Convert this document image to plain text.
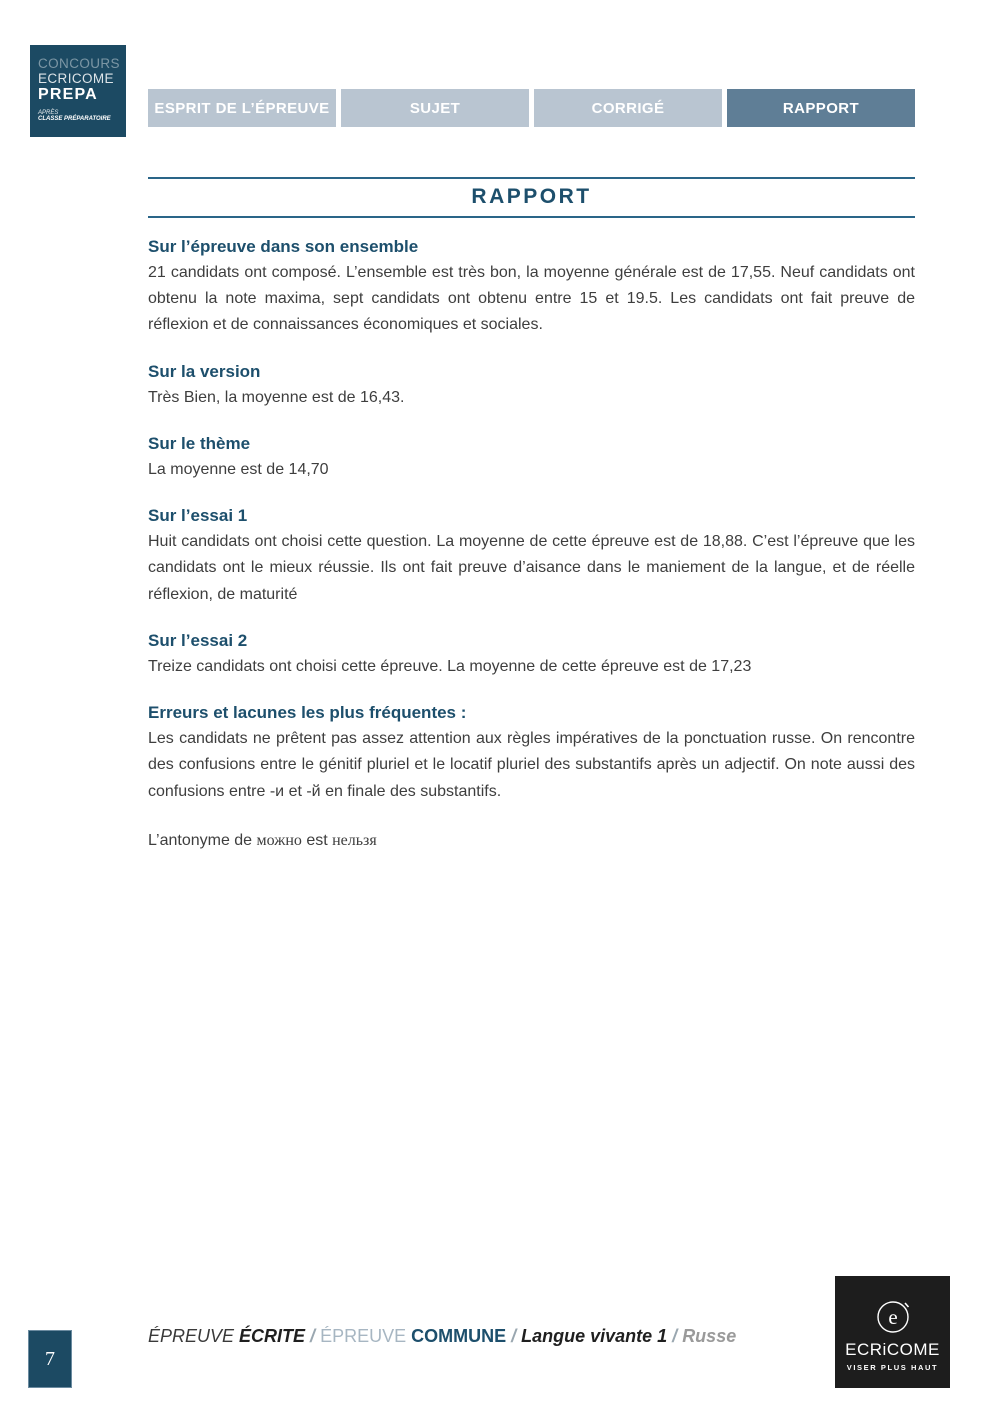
CONCOURS
ECRICOME
PREPA
APRÈS
CLASSE PRÉPARATOIRE
ESPRIT DE L’ÉPREUVE	SUJET	CORRIGÉ	RAPPORT
RAPPORT
Sur l’épreuve dans son ensemble

21 candidats ont composé. L’ensemble est très bon, la moyenne générale est de 17,55. Neuf candidats ont obtenu la note maxima, sept candidats ont obtenu entre 15 et 19.5. Les candidats ont fait preuve de réflexion et de connaissances économiques et sociales.

Sur la version

Très Bien, la moyenne est de 16,43.

Sur le thème

La moyenne est de 14,70

Sur l’essai 1

Huit candidats ont choisi cette question. La moyenne de cette épreuve est de 18,88. C’est l’épreuve que les candidats ont le mieux réussie. Ils ont fait preuve d’aisance dans le maniement de la langue, et de réelle réflexion, de maturité

Sur l’essai 2

Treize candidats ont choisi cette épreuve. La moyenne de cette épreuve est de 17,23

Erreurs et lacunes les plus fréquentes :

Les candidats ne prêtent pas assez attention aux règles impératives de la ponctuation russe. On rencontre des confusions entre le génitif pluriel et le locatif pluriel des substantifs après un adjectif. On note aussi des confusions entre -и et -й en finale des substantifs.

L’antonyme de можно est нельзя

7
ÉPREUVE ÉCRITE / ÉPREUVE COMMUNE / Langue vivante 1 / Russe
e
ECRiCOME
VISER PLUS HAUT
